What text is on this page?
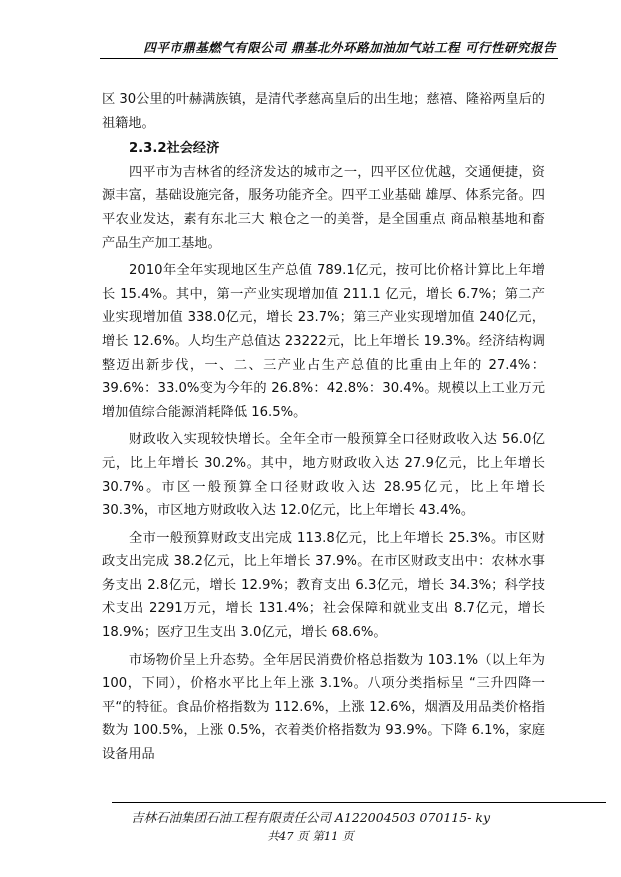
四平市鼎基燃气有限公司 鼎基北外环路加油加气站工程 可行性研究报告

区 30公里的叶赫满族镇，是清代孝慈高皇后的出生地；慈禧、隆裕两皇后的祖籍地。

2.3.2社会经济

四平市为吉林省的经济发达的城市之一，四平区位优越，交通便捷，资源丰富，基础设施完备，服务功能齐全。四平工业基础 雄厚、体系完备。四平农业发达，素有东北三大 粮仓之一的美誉，是全国重点 商品粮基地和畜产品生产加工基地。

2010年全年实现地区生产总值 789.1亿元，按可比价格计算比上年增长 15.4%。其中，第一产业实现增加值 211.1 亿元，增长 6.7%；第二产业实现增加值 338.0亿元，增长 23.7%；第三产业实现增加值 240亿元，增长 12.6%。人均生产总值达 23222元，比上年增长 19.3%。经济结构调整迈出新步伐，一、二、三产业占生产总值的比重由上年的 27.4%：39.6%：33.0%变为今年的 26.8%：42.8%：30.4%。规模以上工业万元增加值综合能源消耗降低 16.5%。

财政收入实现较快增长。全年全市一般预算全口径财政收入达 56.0亿元，比上年增长 30.2%。其中，地方财政收入达 27.9亿元，比上年增长 30.7%。市区一般预算全口径财政收入达 28.95亿元，比上年增长 30.3%，市区地方财政收入达 12.0亿元，比上年增长 43.4%。

全市一般预算财政支出完成 113.8亿元，比上年增长 25.3%。市区财政支出完成 38.2亿元，比上年增长 37.9%。在市区财政支出中：农林水事务支出 2.8亿元，增长 12.9%；教育支出 6.3亿元，增长 34.3%；科学技术支出 2291万元，增长 131.4%；社会保障和就业支出 8.7亿元，增长 18.9%；医疗卫生支出 3.0亿元，增长 68.6%。

市场物价呈上升态势。全年居民消费价格总指数为 103.1%（以上年为 100，下同），价格水平比上年上涨 3.1%。八项分类指标呈 “三升四降一平“的特征。食品价格指数为 112.6%，上涨 12.6%，烟酒及用品类价格指数为 100.5%，上涨 0.5%，衣着类价格指数为 93.9%。下降 6.1%，家庭设备用品

吉林石油集团石油工程有限责任公司 A122004503 070115- ky
共47 页 第11 页
